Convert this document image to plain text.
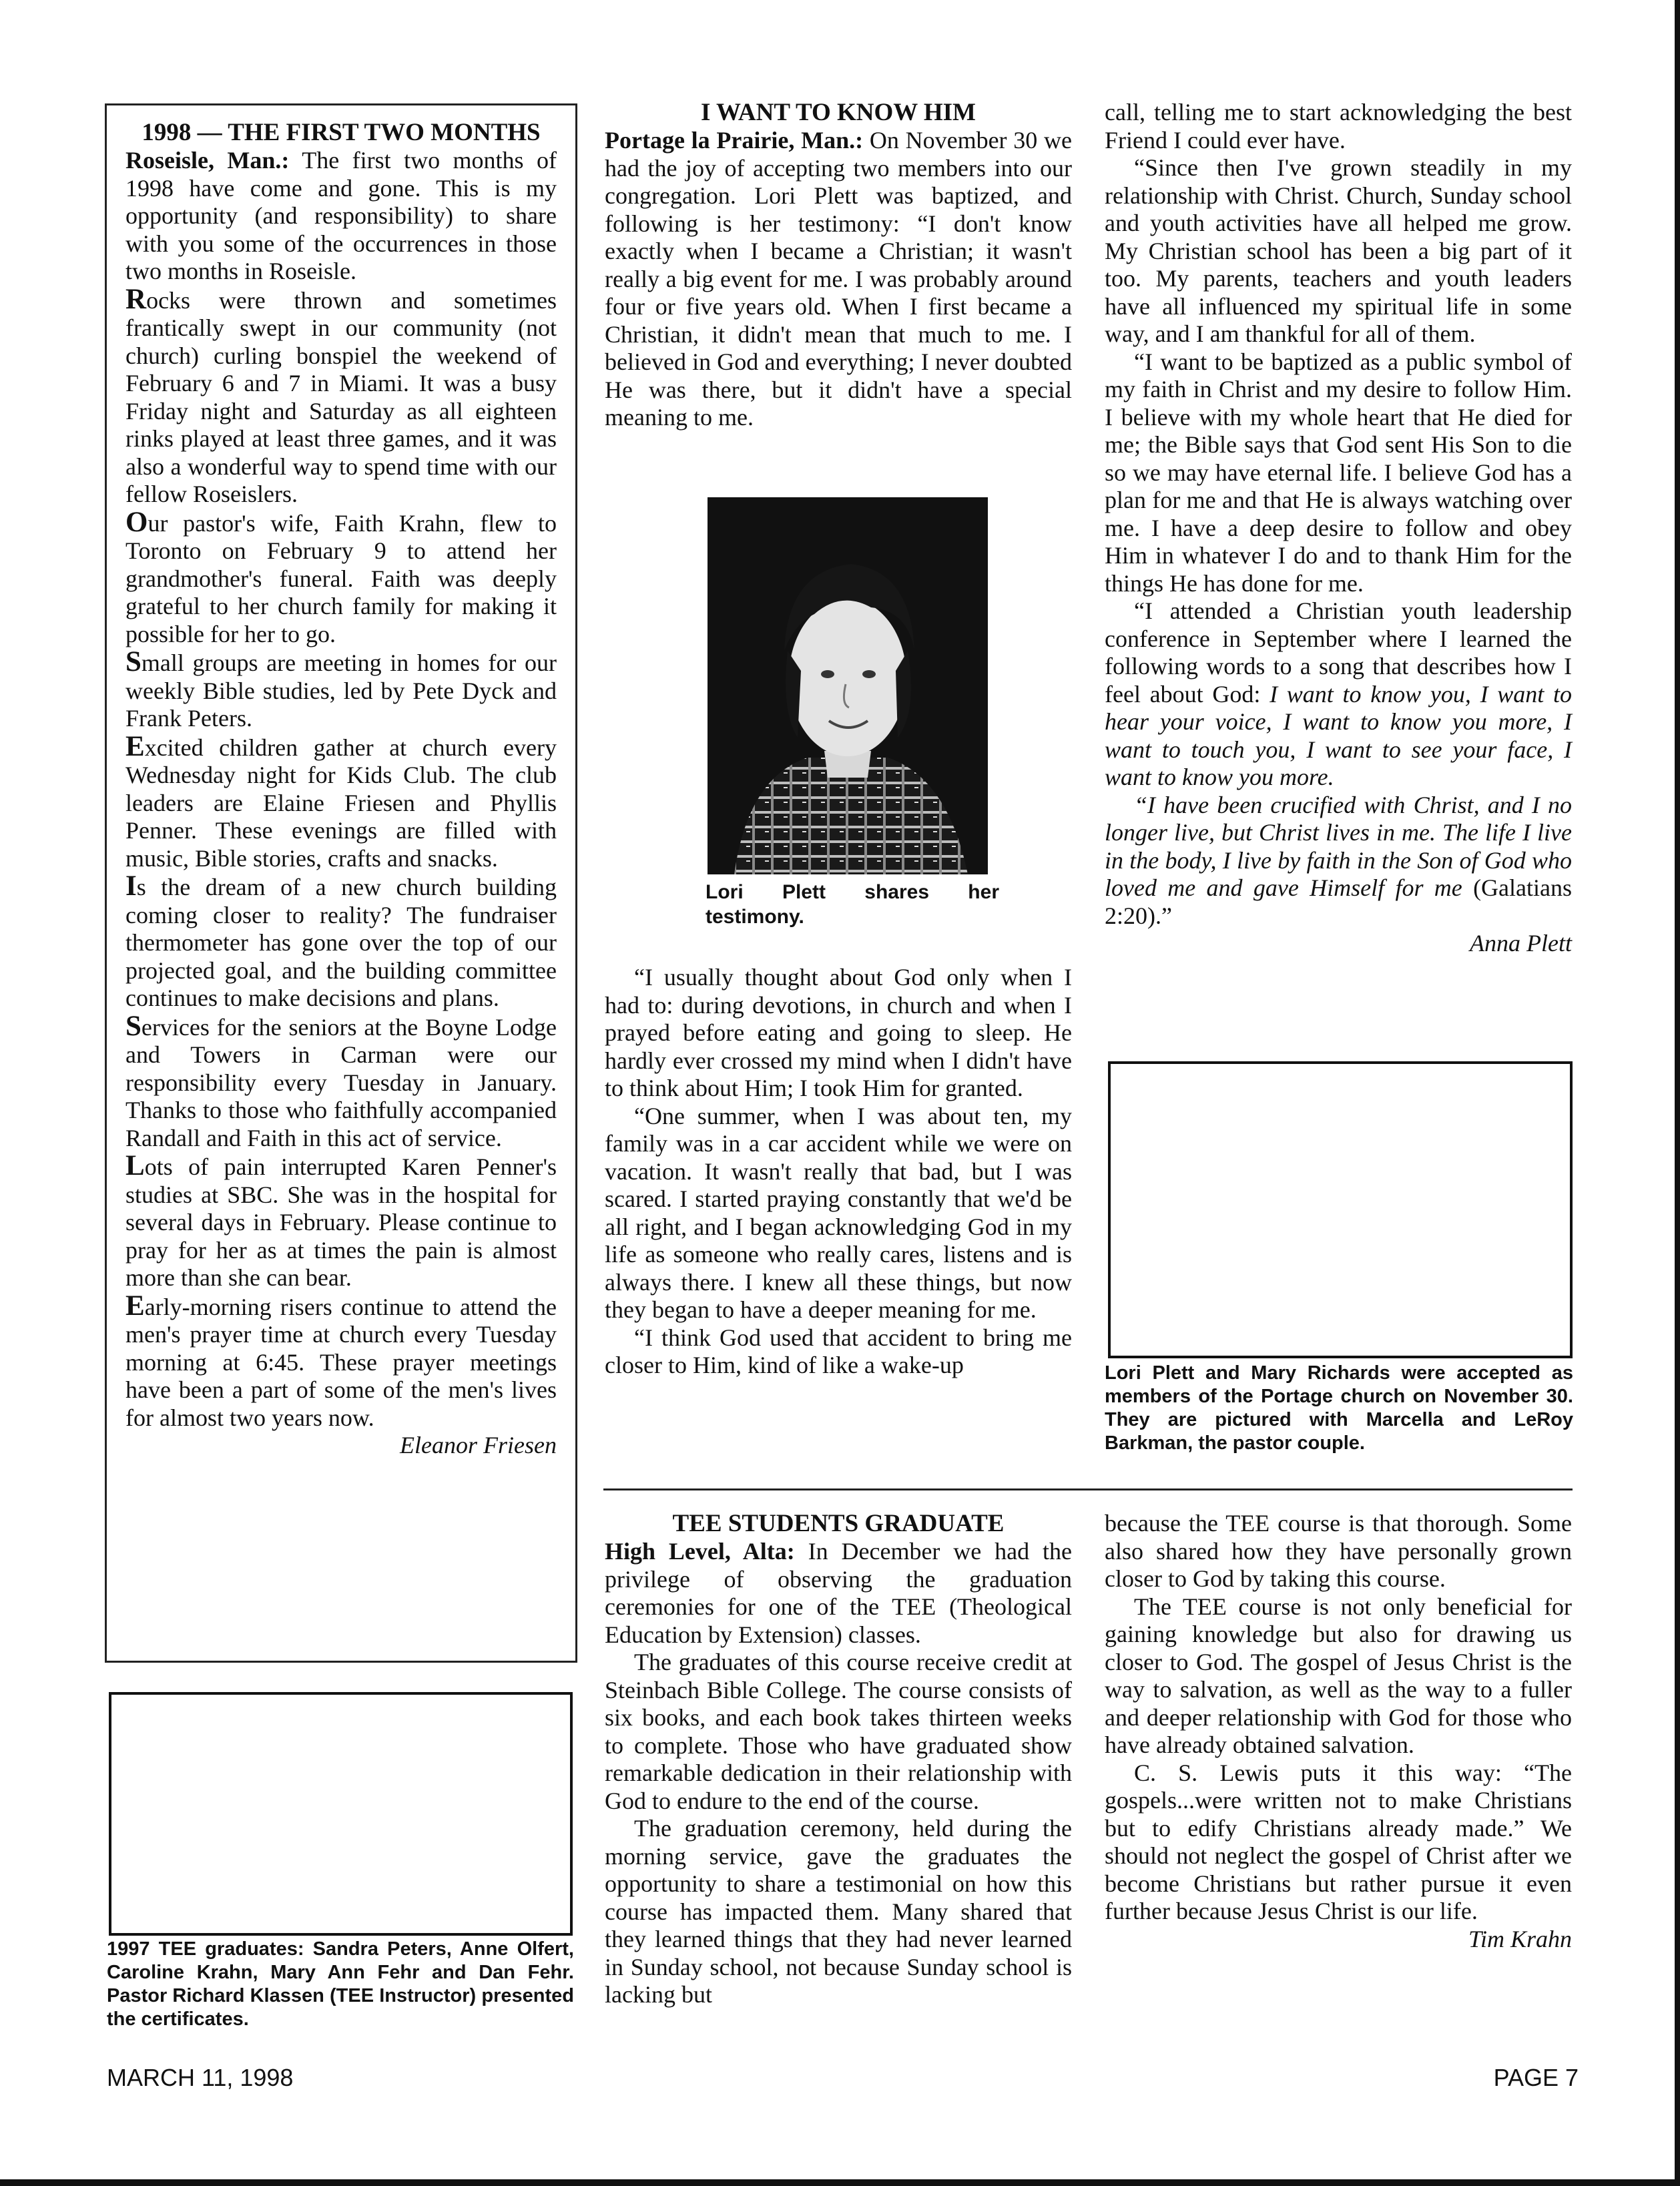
1998 — THE FIRST TWO MONTHS

Roseisle, Man.: The first two months of 1998 have come and gone. This is my opportunity (and responsibility) to share with you some of the occurrences in those two months in Roseisle.

Rocks were thrown and sometimes frantically swept in our community (not church) curling bonspiel the weekend of February 6 and 7 in Miami. It was a busy Friday night and Saturday as all eighteen rinks played at least three games, and it was also a wonderful way to spend time with our fellow Roseislers.

Our pastor's wife, Faith Krahn, flew to Toronto on February 9 to attend her grandmother's funeral. Faith was deeply grateful to her church family for making it possible for her to go.

Small groups are meeting in homes for our weekly Bible studies, led by Pete Dyck and Frank Peters.

Excited children gather at church every Wednesday night for Kids Club. The club leaders are Elaine Friesen and Phyllis Penner. These evenings are filled with music, Bible stories, crafts and snacks.

Is the dream of a new church building coming closer to reality? The fundraiser thermometer has gone over the top of our projected goal, and the building committee continues to make decisions and plans.

Services for the seniors at the Boyne Lodge and Towers in Carman were our responsibility every Tuesday in January. Thanks to those who faithfully accompanied Randall and Faith in this act of service.

Lots of pain interrupted Karen Penner's studies at SBC. She was in the hospital for several days in February. Please continue to pray for her as at times the pain is almost more than she can bear.

Early-morning risers continue to attend the men's prayer time at church every Tuesday morning at 6:45. These prayer meetings have been a part of some of the men's lives for almost two years now.

Eleanor Friesen

1997 TEE graduates: Sandra Peters, Anne Olfert, Caroline Krahn, Mary Ann Fehr and Dan Fehr. Pastor Richard Klassen (TEE Instructor) presented the certificates.
I WANT TO KNOW HIM

Portage la Prairie, Man.: On November 30 we had the joy of accepting two members into our congregation. Lori Plett was baptized, and following is her testimony: “I don't know exactly when I became a Christian; it wasn't really a big event for me. I was probably around four or five years old. When I first became a Christian, it didn't mean that much to me. I believed in God and everything; I never doubted He was there, but it didn't have a special meaning to me.

Lori Plett shares her testimony.

“I usually thought about God only when I had to: during devotions, in church and when I prayed before eating and going to sleep. He hardly ever crossed my mind when I didn't have to think about Him; I took Him for granted.

“One summer, when I was about ten, my family was in a car accident while we were on vacation. It wasn't really that bad, but I was scared. I started praying constantly that we'd be all right, and I began acknowledging God in my life as someone who really cares, listens and is always there. I knew all these things, but now they began to have a deeper meaning for me.

“I think God used that accident to bring me closer to Him, kind of like a wake-up

call, telling me to start acknowledging the best Friend I could ever have.

“Since then I've grown steadily in my relationship with Christ. Church, Sunday school and youth activities have all helped me grow. My Christian school has been a big part of it too. My parents, teachers and youth leaders have all influenced my spiritual life in some way, and I am thankful for all of them.

“I want to be baptized as a public symbol of my faith in Christ and my desire to follow Him. I believe with my whole heart that He died for me; the Bible says that God sent His Son to die so we may have eternal life. I believe God has a plan for me and that He is always watching over me. I have a deep desire to follow and obey Him in whatever I do and to thank Him for the things He has done for me.

“I attended a Christian youth leadership conference in September where I learned the following words to a song that describes how I feel about God: I want to know you, I want to hear your voice, I want to know you more, I want to touch you, I want to see your face, I want to know you more.

“I have been crucified with Christ, and I no longer live, but Christ lives in me. The life I live in the body, I live by faith in the Son of God who loved me and gave Himself for me (Galatians 2:20).”

Anna Plett

Lori Plett and Mary Richards were accepted as members of the Portage church on November 30. They are pictured with Marcella and LeRoy Barkman, the pastor couple.
TEE STUDENTS GRADUATE

High Level, Alta: In December we had the privilege of observing the graduation ceremonies for one of the TEE (Theological Education by Extension) classes.

The graduates of this course receive credit at Steinbach Bible College. The course consists of six books, and each book takes thirteen weeks to complete. Those who have graduated show remarkable dedication in their relationship with God to endure to the end of the course.

The graduation ceremony, held during the morning service, gave the graduates the opportunity to share a testimonial on how this course has impacted them. Many shared that they learned things that they had never learned in Sunday school, not because Sunday school is lacking but

because the TEE course is that thorough. Some also shared how they have personally grown closer to God by taking this course.

The TEE course is not only beneficial for gaining knowledge but also for drawing us closer to God. The gospel of Jesus Christ is the way to salvation, as well as the way to a fuller and deeper relationship with God for those who have already obtained salvation.

C. S. Lewis puts it this way: “The gospels...were written not to make Christians but to edify Christians already made.” We should not neglect the gospel of Christ after we become Christians but rather pursue it even further because Jesus Christ is our life.

Tim Krahn

MARCH 11, 1998	PAGE 7
